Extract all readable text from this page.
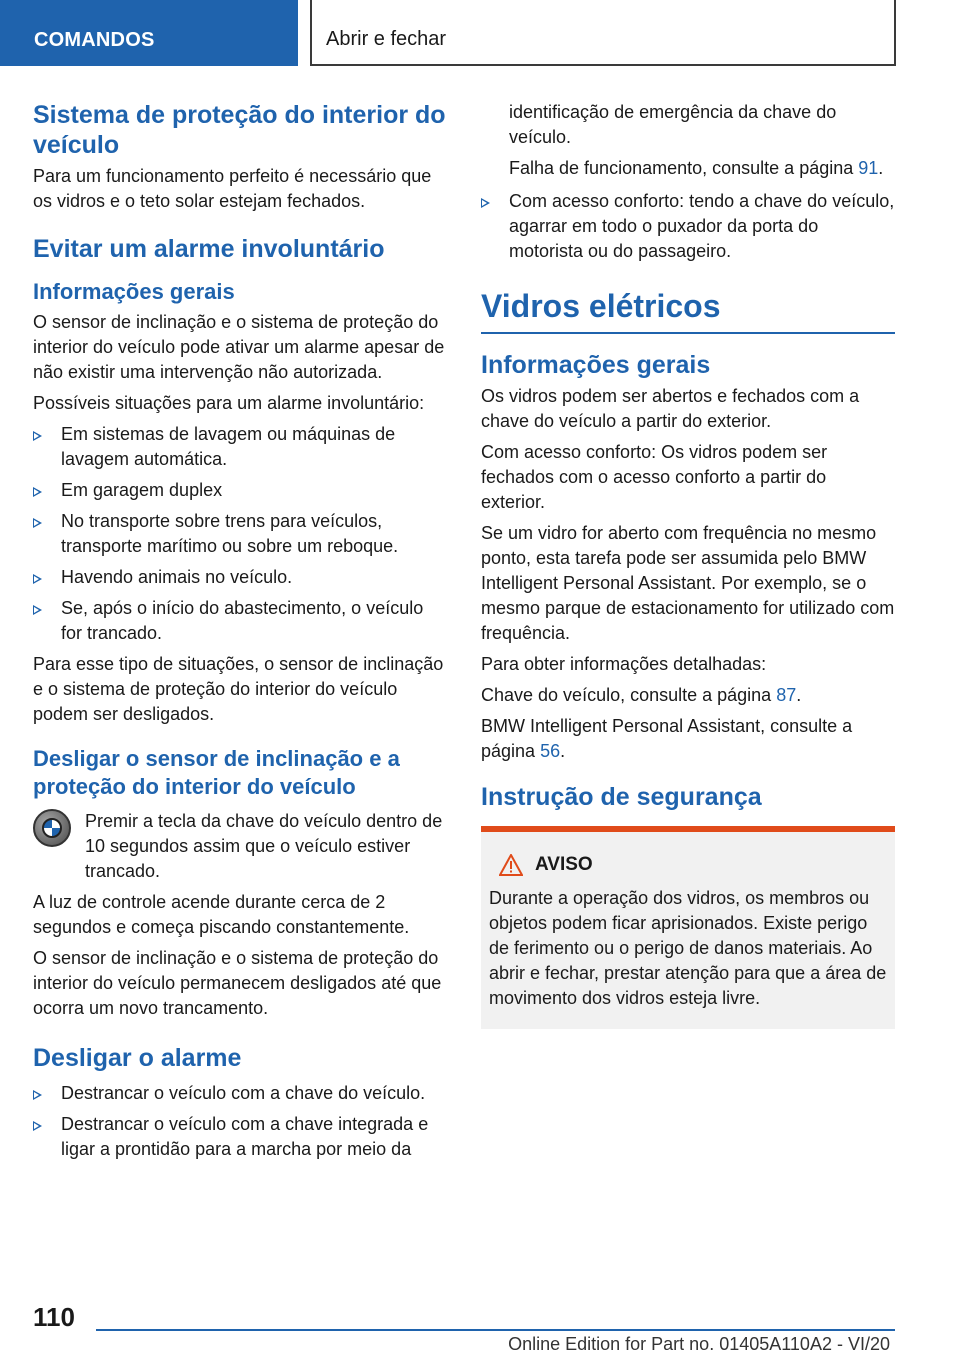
COMANDOS	Abrir e fechar
Sistema de proteção do interior do veículo

Para um funcionamento perfeito é necessário que os vidros e o teto solar estejam fechados.

Evitar um alarme involuntário
Informações gerais

O sensor de inclinação e o sistema de proteção do interior do veículo pode ativar um alarme apesar de não existir uma intervenção não autorizada.

Possíveis situações para um alarme involuntário:

Em sistemas de lavagem ou máquinas de lavagem automática.
Em garagem duplex
No transporte sobre trens para veículos, transporte marítimo ou sobre um reboque.
Havendo animais no veículo.
Se, após o início do abastecimento, o veículo for trancado.

Para esse tipo de situações, o sensor de inclinação e o sistema de proteção do interior do veículo podem ser desligados.

Desligar o sensor de inclinação e a proteção do interior do veículo

Premir a tecla da chave do veículo dentro de 10 segundos assim que o veículo estiver trancado.

A luz de controle acende durante cerca de 2 segundos e começa piscando constantemente.

O sensor de inclinação e o sistema de proteção do interior do veículo permanecem desligados até que ocorra um novo trancamento.

Desligar o alarme
Destrancar o veículo com a chave do veículo.
Destrancar o veículo com a chave integrada e ligar a prontidão para a marcha por meio da

identificação de emergência da chave do veículo.

Falha de funcionamento, consulte a página 91.

Com acesso conforto: tendo a chave do veículo, agarrar em todo o puxador da porta do motorista ou do passageiro.
Vidros elétricos
Informações gerais

Os vidros podem ser abertos e fechados com a chave do veículo a partir do exterior.

Com acesso conforto: Os vidros podem ser fechados com o acesso conforto a partir do exterior.

Se um vidro for aberto com frequência no mesmo ponto, esta tarefa pode ser assumida pelo BMW Intelligent Personal Assistant. Por exemplo, se o mesmo parque de estacionamento for utilizado com frequência.

Para obter informações detalhadas:

Chave do veículo, consulte a página 87.

BMW Intelligent Personal Assistant, consulte a página 56.

Instrução de segurança
AVISO

Durante a operação dos vidros, os membros ou objetos podem ficar aprisionados. Existe perigo de ferimento ou o perigo de danos materiais. Ao abrir e fechar, prestar atenção para que a área de movimento dos vidros esteja livre.

110
Online Edition for Part no. 01405A110A2 - VI/20
